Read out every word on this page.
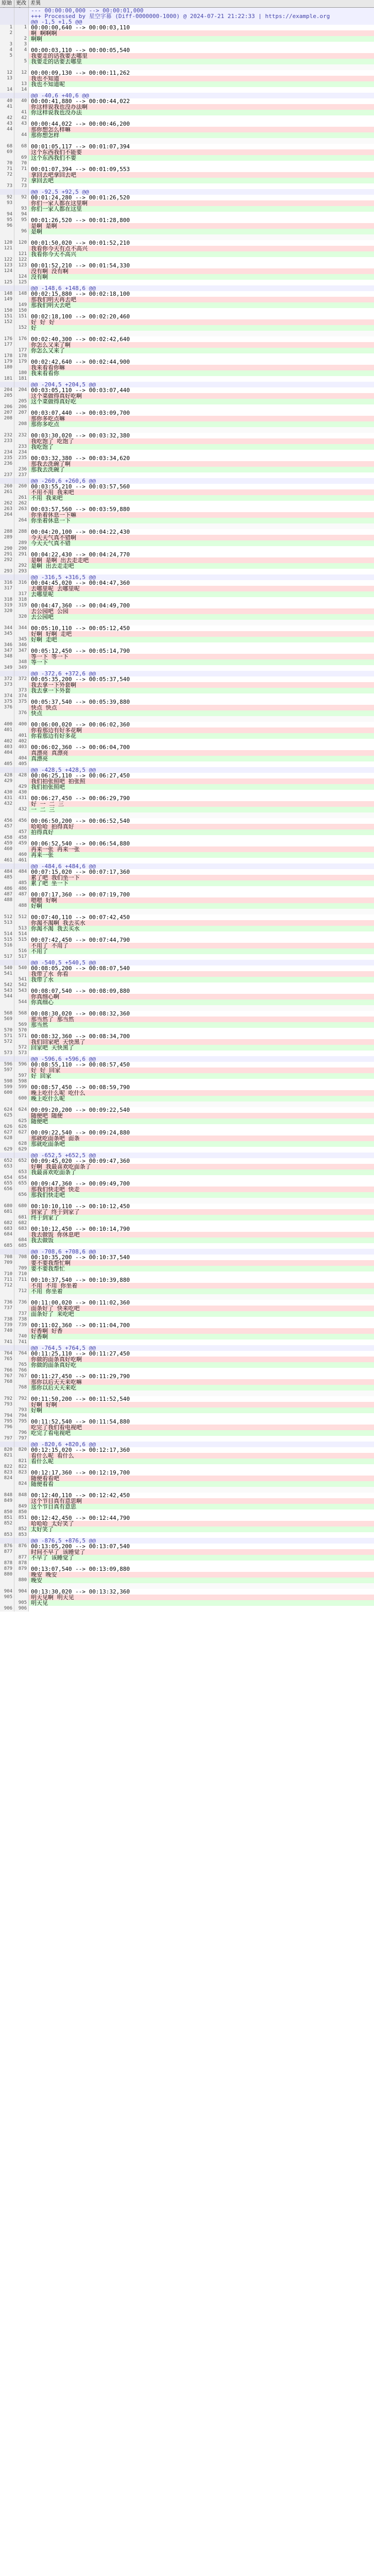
原始 更改 差異
--- 00:00:00,000 --> 00:00:01,000
+++ Processed by 星空字幕 (Diff-0000000-1000) @ 2024-07-21 21:22:33 | https://example.org
@@ -1,5 +1,5 @@
1	1 00:00:00,640 --> 00:00:03,110
2	啊 啊啊啊
2 啊啊
3	3
4	4 00:00:03,110 --> 00:00:05,540
5	我要走的话我要去哪里
5 我要走的话要去哪里
12	12 00:00:09,130 --> 00:00:11,262
13	我也不知道
13 我也不知道呢
14	14
@@ -40,6 +40,6 @@
40	40 00:00:41,880 --> 00:00:44,022
41	你这样说我也没办法啊
41 你这样说我也没办法
42	42
43	43 00:00:44,022 --> 00:00:46,200
44	那你想怎么样嘛
44 那你想怎样
68	68 00:01:05,117 --> 00:01:07,394
69	这个东西我们不能要
69 这个东西我们不要
70	70
71	71 00:01:07,394 --> 00:01:09,553
72	拿回去吧拿回去吧
72 拿回去吧
73	73
@@ -92,5 +92,5 @@
92	92 00:01:24,280 --> 00:01:26,520
93	你们一家人都在这里啊
93 你们一家人都在这里
94	94
95	95 00:01:26,520 --> 00:01:28,800
96	是啊 是啊
96 是啊
120	120 00:01:50,020 --> 00:01:52,210
121	我看你今天有点不高兴
121 我看你今天不高兴
122	122
123	123 00:01:52,210 --> 00:01:54,330
124	没有啊 没有啊
124 没有啊
125	125
@@ -148,6 +148,6 @@
148	148 00:02:15,880 --> 00:02:18,100
149	那我们明天再去吧
149 那我们明天去吧
150	150
151	151 00:02:18,100 --> 00:02:20,460
152	好 好 好
152 好
176	176 00:02:40,300 --> 00:02:42,640
177	你怎么又来了啊
177 你怎么又来了
178	178
179	179 00:02:42,640 --> 00:02:44,900
180	我来看看你嘛
180 我来看看你
181	181
@@ -204,5 +204,5 @@
204	204 00:03:05,110 --> 00:03:07,440
205	这个菜做得真好吃啊
205 这个菜做得真好吃
206	206
207	207 00:03:07,440 --> 00:03:09,700
208	那你多吃点嘛
208 那你多吃点
232	232 00:03:30,020 --> 00:03:32,380
233	我吃饱了 吃饱了
233 我吃饱了
234	234
235	235 00:03:32,380 --> 00:03:34,620
236	那我去洗碗了啊
236 那我去洗碗了
237	237
@@ -260,6 +260,6 @@
260	260 00:03:55,210 --> 00:03:57,560
261	不用不用 我来吧
261 不用 我来吧
262	262
263	263 00:03:57,560 --> 00:03:59,880
264	你坐着休息一下嘛
264 你坐着休息一下
288	288 00:04:20,100 --> 00:04:22,430
289	今天天气真不错啊
289 今天天气真不错
290	290
291	291 00:04:22,430 --> 00:04:24,770
292	是啊 是啊 出去走走吧
292 是啊 出去走走吧
293	293
@@ -316,5 +316,5 @@
316	316 00:04:45,020 --> 00:04:47,360
317	去哪里呢 去哪里呢
317 去哪里呢
318	318
319	319 00:04:47,360 --> 00:04:49,700
320	去公园吧 公园
320 去公园吧
344	344 00:05:10,110 --> 00:05:12,450
345	好啊 好啊 走吧
345 好啊 走吧
346	346
347	347 00:05:12,450 --> 00:05:14,790
348	等一下 等一下
348 等一下
349	349
@@ -372,6 +372,6 @@
372	372 00:05:35,200 --> 00:05:37,540
373	我去拿一下外套啊
373 我去拿一下外套
374	374
375	375 00:05:37,540 --> 00:05:39,880
376	快点 快点
376 快点
400	400 00:06:00,020 --> 00:06:02,360
401	你看那边有好多花啊
401 你看那边有好多花
402	402
403	403 00:06:02,360 --> 00:06:04,700
404	真漂亮 真漂亮
404 真漂亮
405	405
@@ -428,5 +428,5 @@
428	428 00:06:25,110 --> 00:06:27,450
429	我们拍张照吧 拍张照
429 我们拍张照吧
430	430
431	431 00:06:27,450 --> 00:06:29,790
432	好 一 二 三
432 一 二 三
456	456 00:06:50,200 --> 00:06:52,540
457	哈哈哈 拍得真好
457 拍得真好
458	458
459	459 00:06:52,540 --> 00:06:54,880
460	再来一张 再来一张
460 再来一张
461	461
@@ -484,6 +484,6 @@
484	484 00:07:15,020 --> 00:07:17,360
485	累了吧 我们坐一下
485 累了吧 坐一下
486	486
487	487 00:07:17,360 --> 00:07:19,700
488	嗯嗯 好啊
488 好啊
512	512 00:07:40,110 --> 00:07:42,450
513	你渴不渴啊 我去买水
513 你渴不渴 我去买水
514	514
515	515 00:07:42,450 --> 00:07:44,790
516	不用了 不用了
516 不用了
517	517
@@ -540,5 +540,5 @@
540	540 00:08:05,200 --> 00:08:07,540
541	我带了水 你看
541 我带了水
542	542
543	543 00:08:07,540 --> 00:08:09,880
544	你真细心啊
544 你真细心
568	568 00:08:30,020 --> 00:08:32,360
569	那当然了 那当然
569 那当然
570	570
571	571 00:08:32,360 --> 00:08:34,700
572	我们回家吧 天快黑了
572 回家吧 天快黑了
573	573
@@ -596,6 +596,6 @@
596	596 00:08:55,110 --> 00:08:57,450
597	好 好 回家
597 好 回家
598	598
599	599 00:08:57,450 --> 00:08:59,790
600	晚上吃什么呢 吃什么
600 晚上吃什么呢
624	624 00:09:20,200 --> 00:09:22,540
625	随便吧 随便
625 随便吧
626	626
627	627 00:09:22,540 --> 00:09:24,880
628	那就吃面条吧 面条
628 那就吃面条吧
629	629
@@ -652,5 +652,5 @@
652	652 00:09:45,020 --> 00:09:47,360
653	好啊 我最喜欢吃面条了
653 我最喜欢吃面条了
654	654
655	655 00:09:47,360 --> 00:09:49,700
656	那我们快走吧 快走
656 那我们快走吧
680	680 00:10:10,110 --> 00:10:12,450
681	到家了 终于到家了
681 终于到家了
682	682
683	683 00:10:12,450 --> 00:10:14,790
684	我去做饭 你休息吧
684 我去做饭
685	685
@@ -708,6 +708,6 @@
708	708 00:10:35,200 --> 00:10:37,540
709	要不要我帮忙啊
709 要不要我帮忙
710	710
711	711 00:10:37,540 --> 00:10:39,880
712	不用 不用 你坐着
712 不用 你坐着
736	736 00:11:00,020 --> 00:11:02,360
737	面条好了 快来吃吧
737 面条好了 来吃吧
738	738
739	739 00:11:02,360 --> 00:11:04,700
740	好香啊 好香
740 好香啊
741	741
@@ -764,5 +764,5 @@
764	764 00:11:25,110 --> 00:11:27,450
765	你做的面条真好吃啊
765 你做的面条真好吃
766	766
767	767 00:11:27,450 --> 00:11:29,790
768	那你以后天天来吃嘛
768 那你以后天天来吃
792	792 00:11:50,200 --> 00:11:52,540
793	好啊 好啊
793 好啊
794	794
795	795 00:11:52,540 --> 00:11:54,880
796	吃完了我们看电视吧
796 吃完了看电视吧
797	797
@@ -820,6 +820,6 @@
820	820 00:12:15,020 --> 00:12:17,360
821	看什么呢 看什么
821 看什么呢
822	822
823	823 00:12:17,360 --> 00:12:19,700
824	随便看看吧
824 随便看看
848	848 00:12:40,110 --> 00:12:42,450
849	这个节目真有意思啊
849 这个节目真有意思
850	850
851	851 00:12:42,450 --> 00:12:44,790
852	哈哈哈 太好笑了
852 太好笑了
853	853
@@ -876,5 +876,5 @@
876	876 00:13:05,200 --> 00:13:07,540
877	时间不早了 该睡觉了
877 不早了 该睡觉了
878	878
879	879 00:13:07,540 --> 00:13:09,880
880	晚安 晚安
880 晚安
904	904 00:13:30,020 --> 00:13:32,360
905	明天见啊 明天见
905 明天见
906	906
